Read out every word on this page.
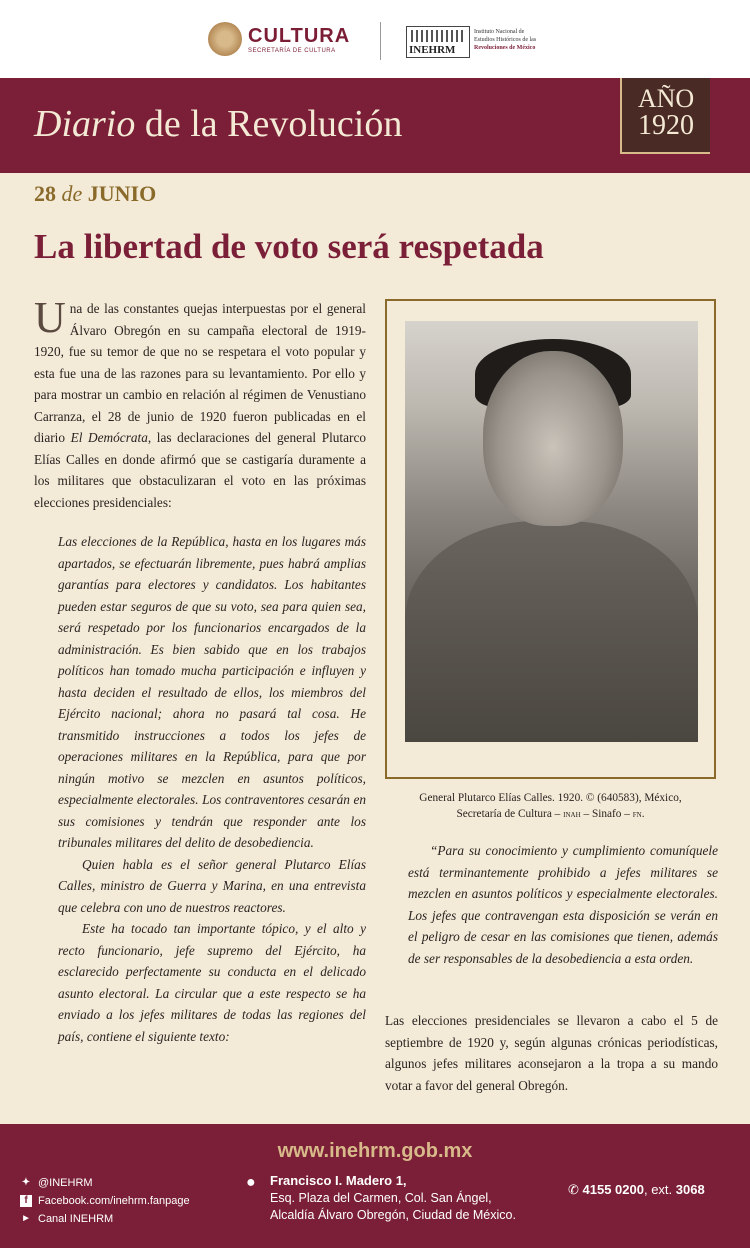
CULTURA
SECRETARÍA DE CULTURA	INEHRM
Instituto Nacional de
Estudios Históricos de las
Revoluciones de México
Diario de la Revolución
AÑO
1920
28 de JUNIO
La libertad de voto será respetada
Una de las constantes quejas interpuestas por el general Álvaro Obregón en su campaña electoral de 1919-1920, fue su temor de que no se respetara el voto popular y esta fue una de las razones para su levantamiento. Por ello y para mostrar un cambio en relación al régimen de Venustiano Carranza, el 28 de junio de 1920 fueron publicadas en el diario El Demócrata, las declaraciones del general Plutarco Elías Calles en donde afirmó que se castigaría duramente a los militares que obstaculizaran el voto en las próximas elecciones presidenciales:

Las elecciones de la República, hasta en los lugares más apartados, se efectuarán libremente, pues habrá amplias garantías para electores y candidatos. Los habitantes pueden estar seguros de que su voto, sea para quien sea, será respetado por los funcionarios encargados de la administración. Es bien sabido que en los trabajos políticos han tomado mucha participación e influyen y hasta deciden el resultado de ellos, los miembros del Ejército nacional; ahora no pasará tal cosa. He transmitido instrucciones a todos los jefes de operaciones militares en la República, para que por ningún motivo se mezclen en asuntos políticos, especialmente electorales. Los contraventores cesarán en sus comisiones y tendrán que responder ante los tribunales militares del delito de desobediencia.

Quien habla es el señor general Plutarco Elías Calles, ministro de Guerra y Marina, en una entrevista que celebra con uno de nuestros reactores.

Este ha tocado tan importante tópico, y el alto y recto funcionario, jefe supremo del Ejército, ha esclarecido perfectamente su conducta en el delicado asunto electoral. La circular que a este respecto se ha enviado a los jefes militares de todas las regiones del país, contiene el siguiente texto:

General Plutarco Elías Calles. 1920. © (640583), México,
Secretaría de Cultura – inah – Sinafo – fn.
“Para su conocimiento y cumplimiento comuníquele está terminantemente prohibido a jefes militares se mezclen en asuntos políticos y especialmente electorales. Los jefes que contravengan esta disposición se verán en el peligro de cesar en las comisiones que tienen, además de ser responsables de la desobediencia a esta orden.
Las elecciones presidenciales se llevaron a cabo el 5 de septiembre de 1920 y, según algunas crónicas periodísticas, algunos jefes militares aconsejaron a la tropa a su mando votar a favor del general Obregón.
www.inehrm.gob.mx
✦ @INEHRM
f Facebook.com/inehrm.fanpage
▶ Canal INEHRM
● Francisco I. Madero 1,
Esq. Plaza del Carmen, Col. San Ángel,
Alcaldía Álvaro Obregón, Ciudad de México.
✆ 4155 0200, ext. 3068
